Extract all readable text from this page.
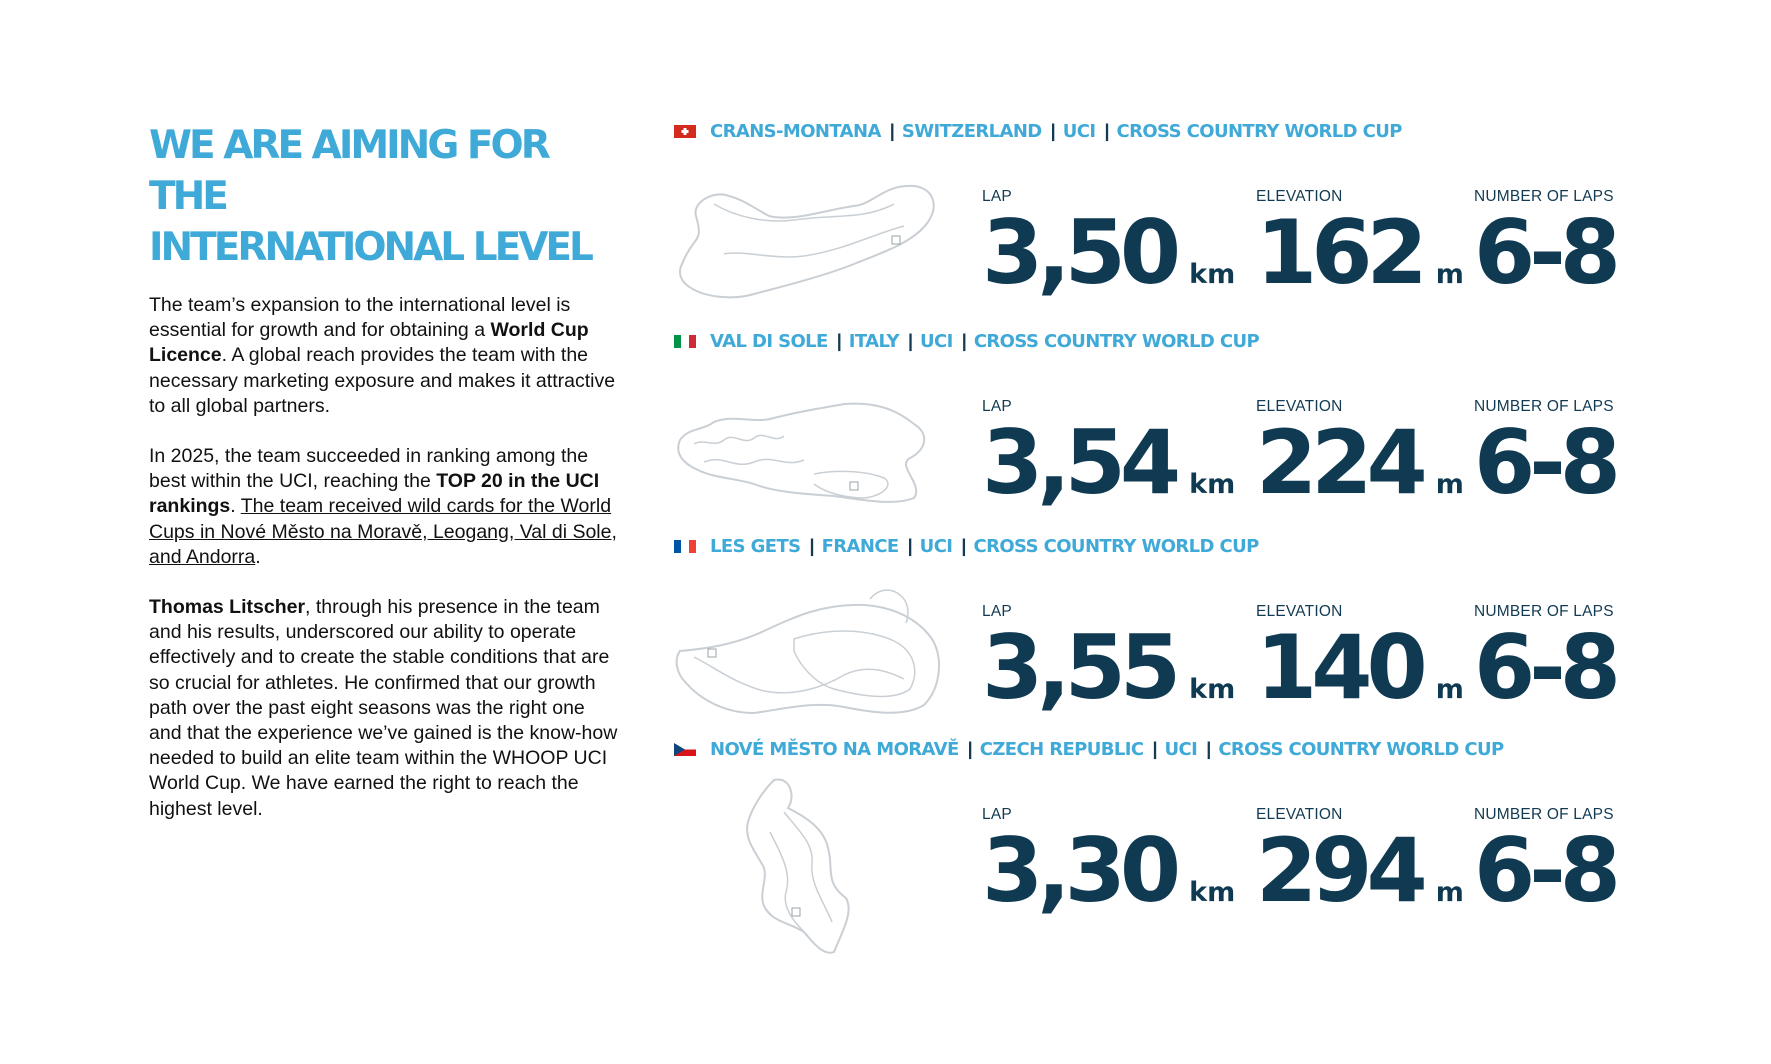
WE ARE AIMING FOR THE
INTERNATIONAL LEVEL

The team’s expansion to the international level is essential for growth and for obtaining a World Cup Licence. A global reach provides the team with the necessary marketing exposure and makes it attractive to all global partners.

In 2025, the team succeeded in ranking among the best within the UCI, reaching the TOP 20 in the UCI rankings. The team received wild cards for the World Cups in Nové Město na Moravě, Leogang, Val di Sole, and Andorra.

Thomas Litscher, through his presence in the team and his results, underscored our ability to operate effectively and to create the stable conditions that are so crucial for athletes. He confirmed that our growth path over the past eight seasons was the right one and that the experience we’ve gained is the know-how needed to build an elite team within the WHOOP UCI World Cup. We have earned the right to reach the highest level.

CRANS-MONTANA | SWITZERLAND | UCI | CROSS COUNTRY WORLD CUP
LAP
3,50 km
ELEVATION
162 m
NUMBER OF LAPS
6-8
VAL DI SOLE | ITALY | UCI | CROSS COUNTRY WORLD CUP
LAP
3,54 km
ELEVATION
224 m
NUMBER OF LAPS
6-8
LES GETS | FRANCE | UCI | CROSS COUNTRY WORLD CUP
LAP
3,55 km
ELEVATION
140 m
NUMBER OF LAPS
6-8
NOVÉ MĚSTO NA MORAVĚ | CZECH REPUBLIC | UCI | CROSS COUNTRY WORLD CUP
LAP
3,30 km
ELEVATION
294 m
NUMBER OF LAPS
6-8
